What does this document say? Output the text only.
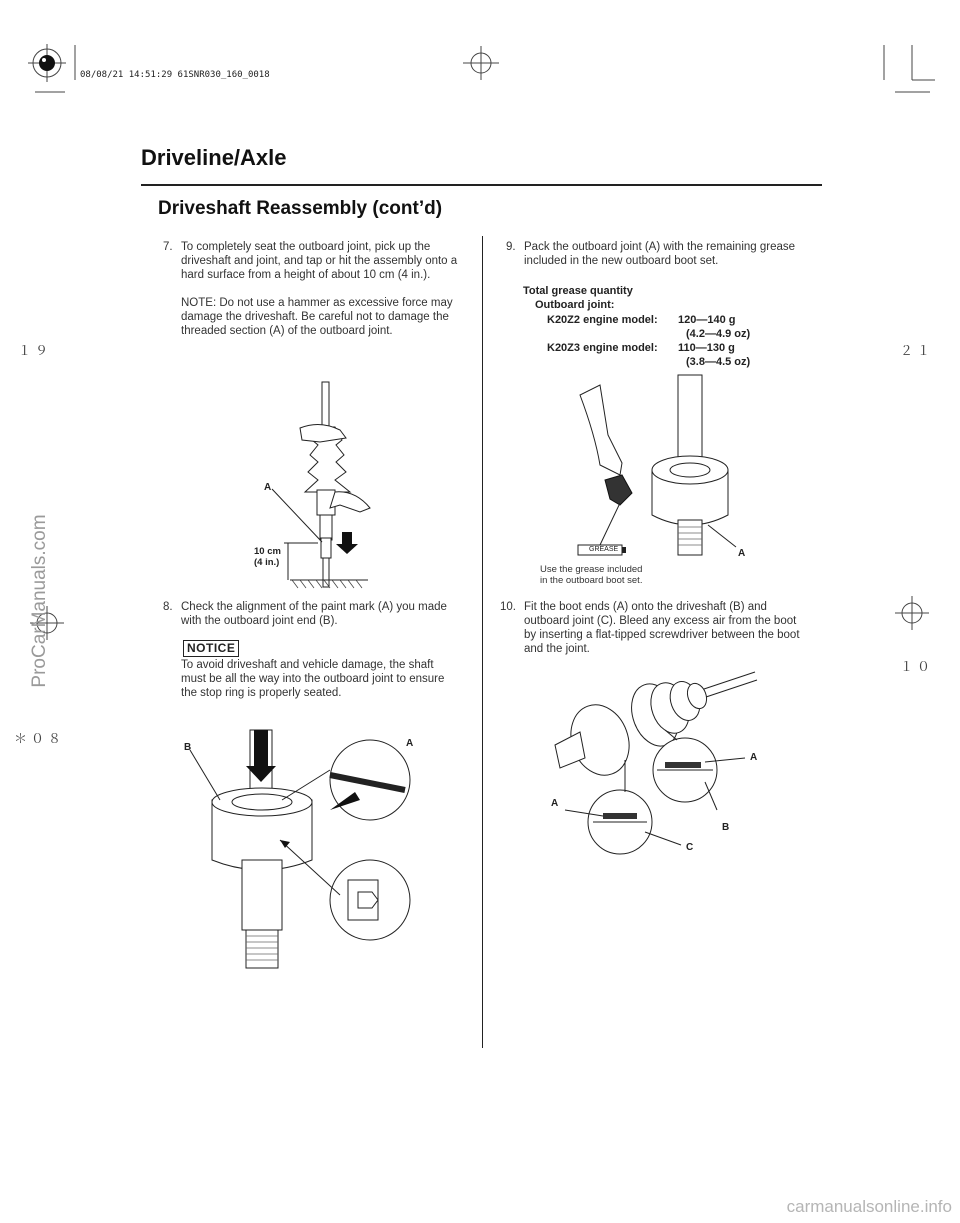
08/08/21 14:51:29 61SNR030_160_0018
１９
＊０８
２１
１０
Driveline/Axle
Driveshaft Reassembly (cont’d)
7. To completely seat the outboard joint, pick up the driveshaft and joint, and tap or hit the assembly onto a hard surface from a height of about 10 cm (4 in.).
NOTE: Do not use a hammer as excessive force may damage the driveshaft. Be careful not to damage the threaded section (A) of the outboard joint.
A
10 cm
(4 in.)
8. Check the alignment of the paint mark (A) you made with the outboard joint end (B).
NOTICE
To avoid driveshaft and vehicle damage, the shaft must be all the way into the outboard joint to ensure the stop ring is properly seated.
B	A
9. Pack the outboard joint (A) with the remaining grease included in the new outboard boot set.
Total grease quantity
Outboard joint:
K20Z2 engine model: 120―140 g
(4.2―4.9 oz)
K20Z3 engine model: 110―130 g
(3.8―4.5 oz)
GREASE	A
Use the grease included
in the outboard boot set.
10. Fit the boot ends (A) onto the driveshaft (B) and outboard joint (C). Bleed any excess air from the boot by inserting a flat-tipped screwdriver between the boot and the joint.
A
A
B
C
ProCarManuals.com
carmanualsonline.info
